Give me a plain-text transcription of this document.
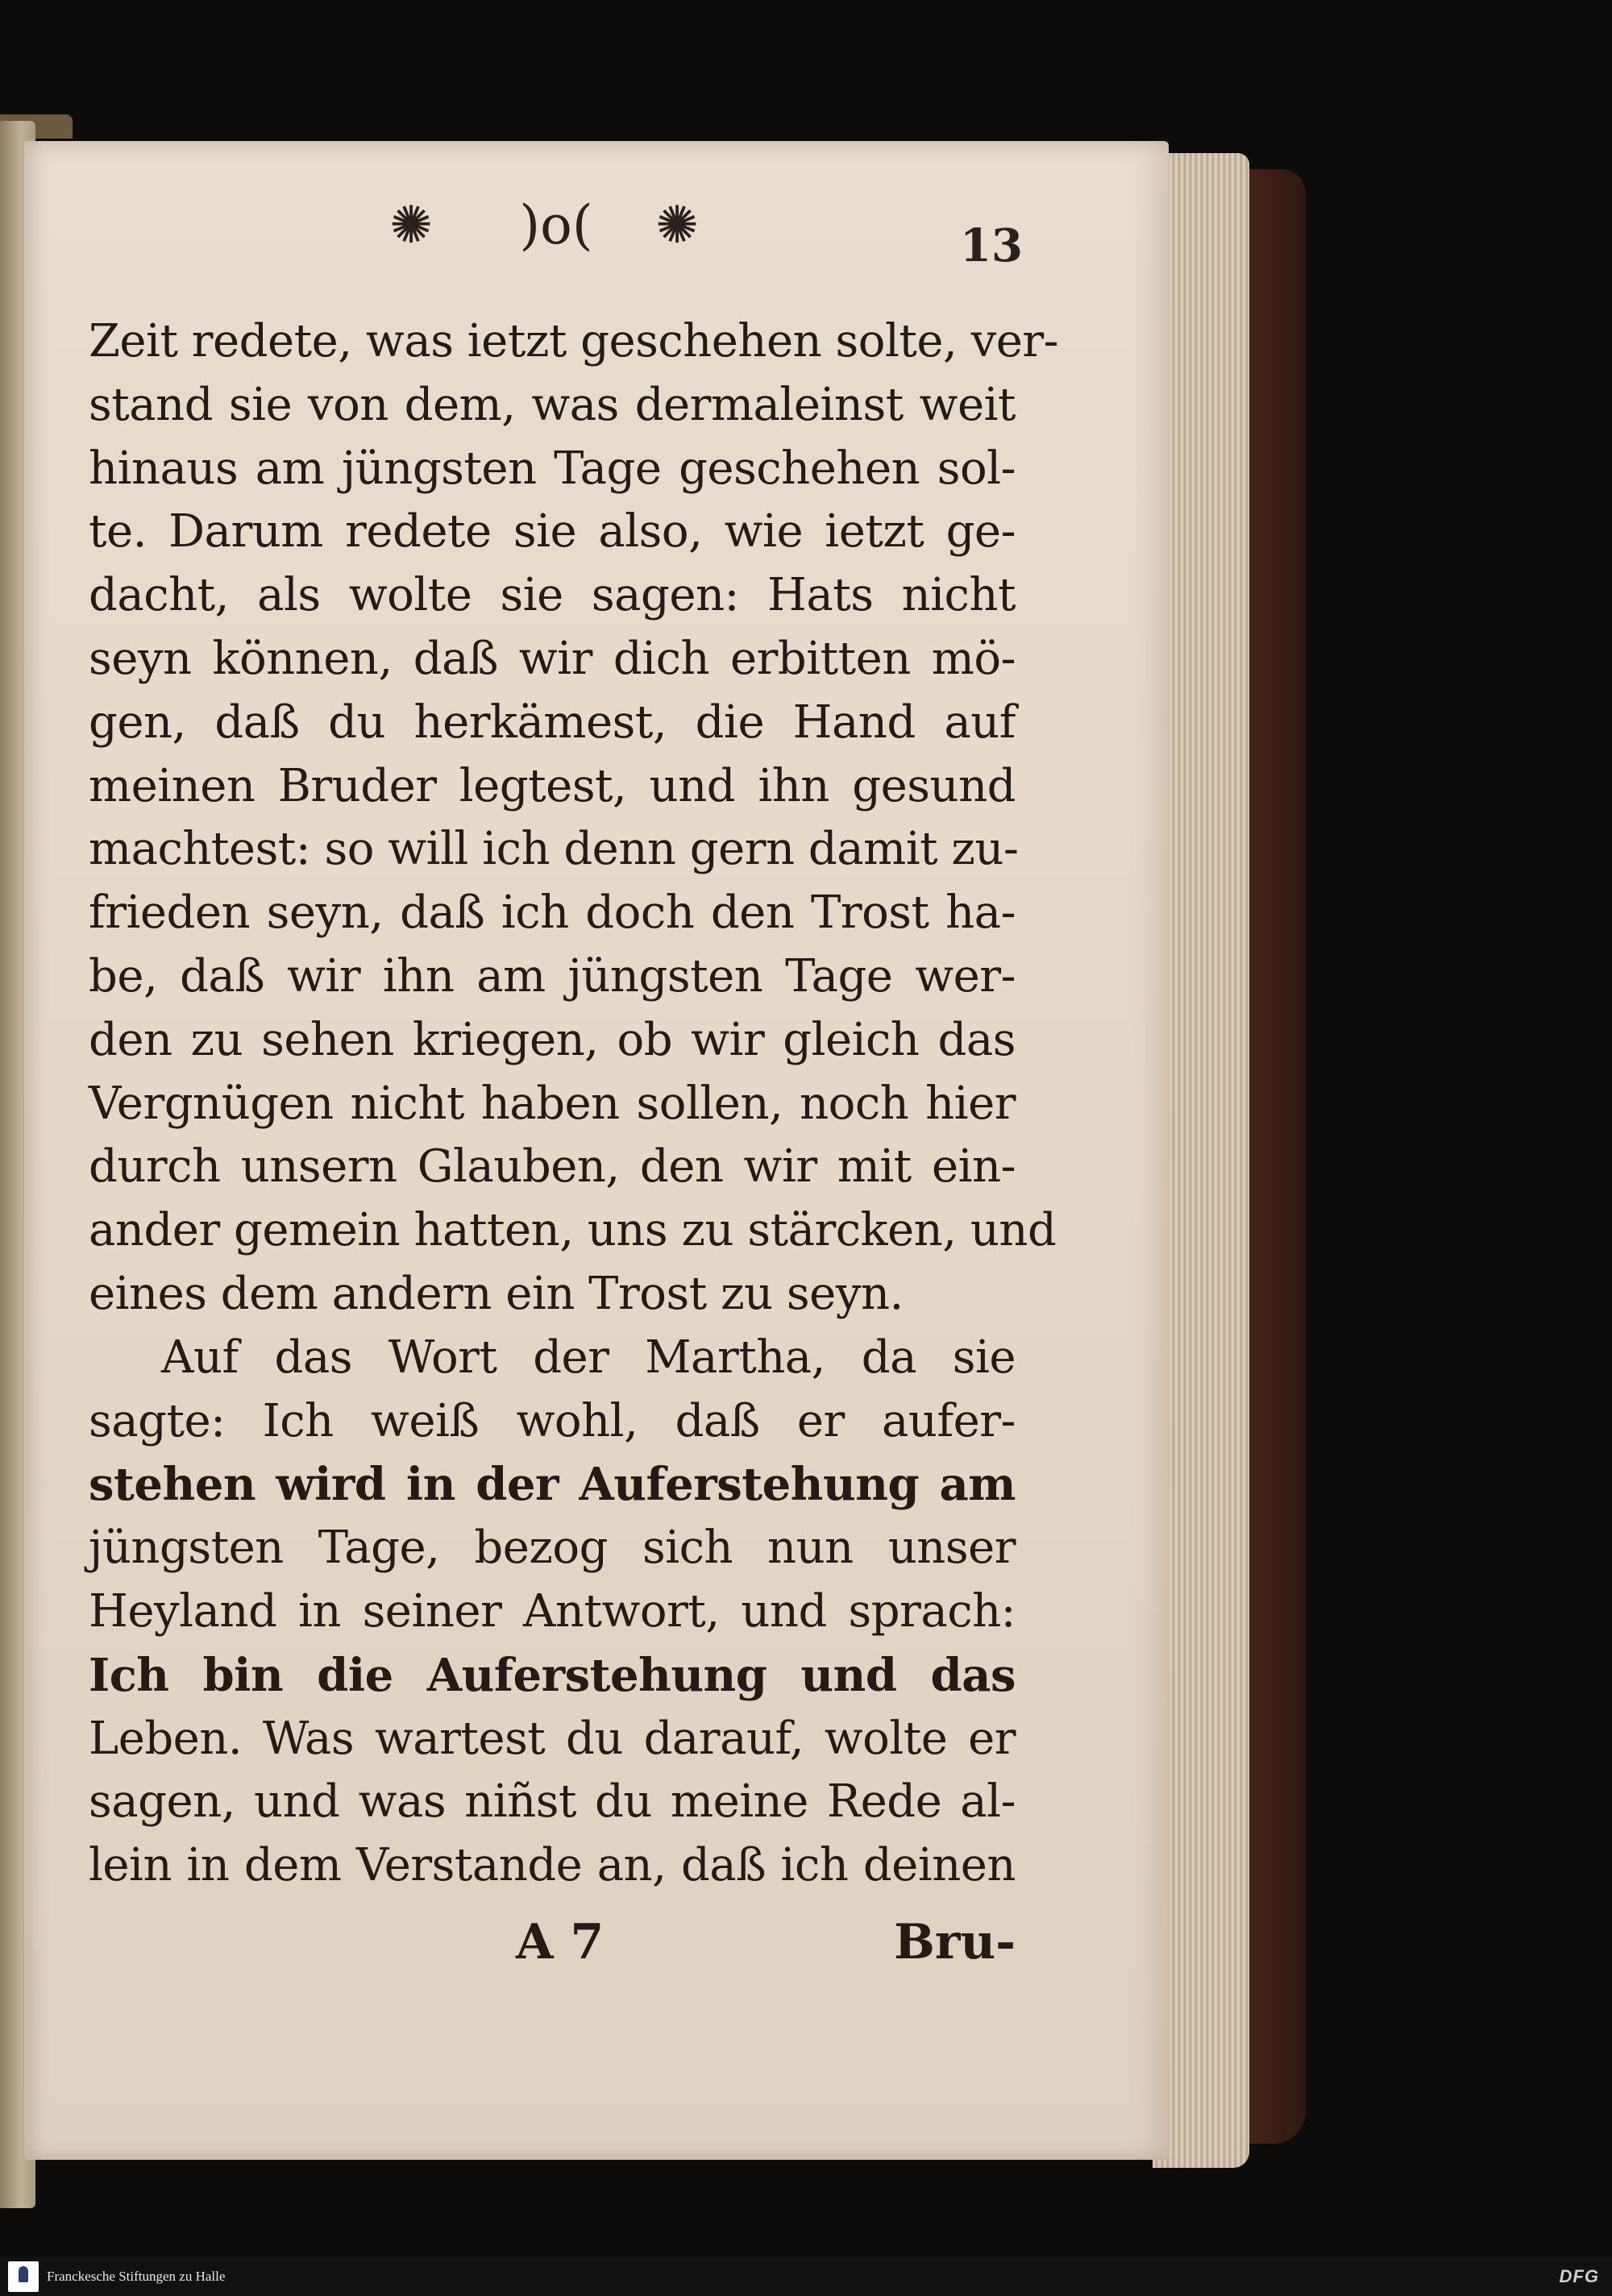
✺	)o(	✺	13
Zeit redete, was ietzt geschehen solte, ver-
stand sie von dem, was dermaleinst weit
hinaus am jüngsten Tage geschehen sol-
te. Darum redete sie also, wie ietzt ge-
dacht, als wolte sie sagen: Hats nicht
seyn können, daß wir dich erbitten mö-
gen, daß du herkämest, die Hand auf
meinen Bruder legtest, und ihn gesund
machtest: so will ich denn gern damit zu-
frieden seyn, daß ich doch den Trost ha-
be, daß wir ihn am jüngsten Tage wer-
den zu sehen kriegen, ob wir gleich das
Vergnügen nicht haben sollen, noch hier
durch unsern Glauben, den wir mit ein-
ander gemein hatten, uns zu stärcken, und
eines dem andern ein Trost zu seyn.
Auf das Wort der Martha, da sie
sagte: Ich weiß wohl, daß er aufer-
stehen wird in der Auferstehung am
jüngsten Tage, bezog sich nun unser
Heyland in seiner Antwort, und sprach:
Ich bin die Auferstehung und das
Leben. Was wartest du darauf, wolte er
sagen, und was niñst du meine Rede al-
lein in dem Verstande an, daß ich deinen
A 7	Bru-
Franckesche Stiftungen zu Halle	DFG
